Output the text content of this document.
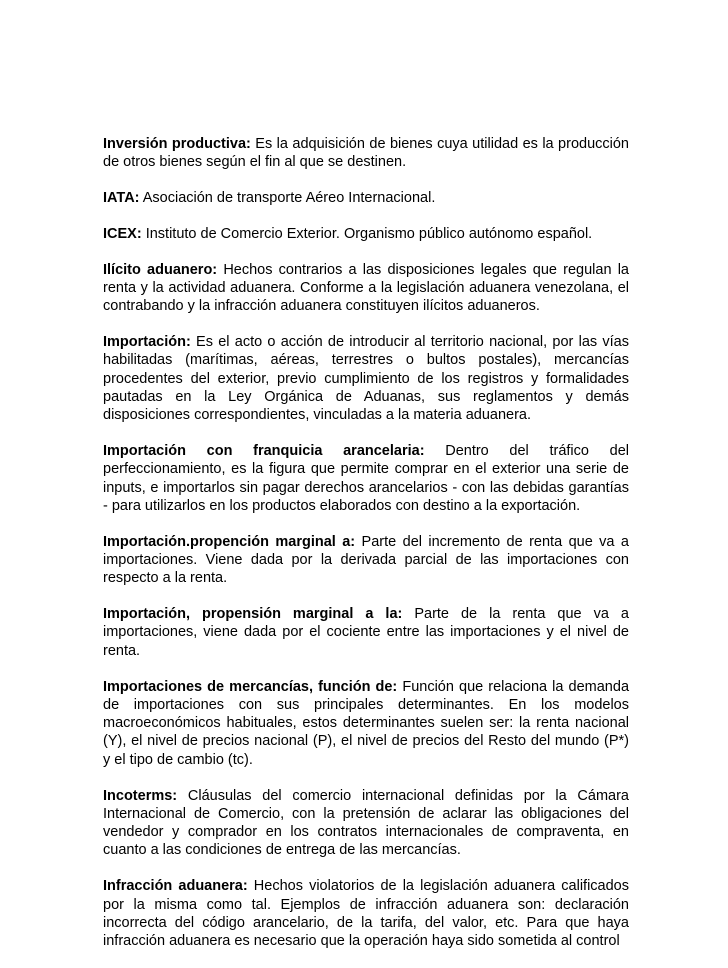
Inversión productiva: Es la adquisición de bienes cuya utilidad es la producción de otros bienes según el fin al que se destinen.

IATA: Asociación de transporte Aéreo Internacional.

ICEX: Instituto de Comercio Exterior. Organismo público autónomo español.

Ilícito aduanero: Hechos contrarios a las disposiciones legales que regulan la renta y la actividad aduanera. Conforme a la legislación aduanera venezolana, el contrabando y la infracción aduanera constituyen ilícitos aduaneros.

Importación: Es el acto o acción de introducir al territorio nacional, por las vías habilitadas (marítimas, aéreas, terrestres o bultos postales), mercancías procedentes del exterior, previo cumplimiento de los registros y formalidades pautadas en la Ley Orgánica de Aduanas, sus reglamentos y demás disposiciones correspondientes, vinculadas a la materia aduanera.

Importación con franquicia arancelaria: Dentro del tráfico del perfeccionamiento, es la figura que permite comprar en el exterior una serie de inputs, e importarlos sin pagar derechos arancelarios - con las debidas garantías - para utilizarlos en los productos elaborados con destino a la exportación.

Importación.propención marginal a: Parte del incremento de renta que va a importaciones. Viene dada por la derivada parcial de las importaciones con respecto a la renta.

Importación, propensión marginal a la: Parte de la renta que va a importaciones, viene dada por el cociente entre las importaciones y el nivel de renta.

Importaciones de mercancías, función de: Función que relaciona la demanda de importaciones con sus principales determinantes. En los modelos macroeconómicos habituales, estos determinantes suelen ser: la renta nacional (Y), el nivel de precios nacional (P), el nivel de precios del Resto del mundo (P*) y el tipo de cambio (tc).

Incoterms: Cláusulas del comercio internacional definidas por la Cámara Internacional de Comercio, con la pretensión de aclarar las obligaciones del vendedor y comprador en los contratos internacionales de compraventa, en cuanto a las condiciones de entrega de las mercancías.

Infracción aduanera: Hechos violatorios de la legislación aduanera calificados por la misma como tal. Ejemplos de infracción aduanera son: declaración incorrecta del código arancelario, de la tarifa, del valor, etc. Para que haya infracción aduanera es necesario que la operación haya sido sometida al control
